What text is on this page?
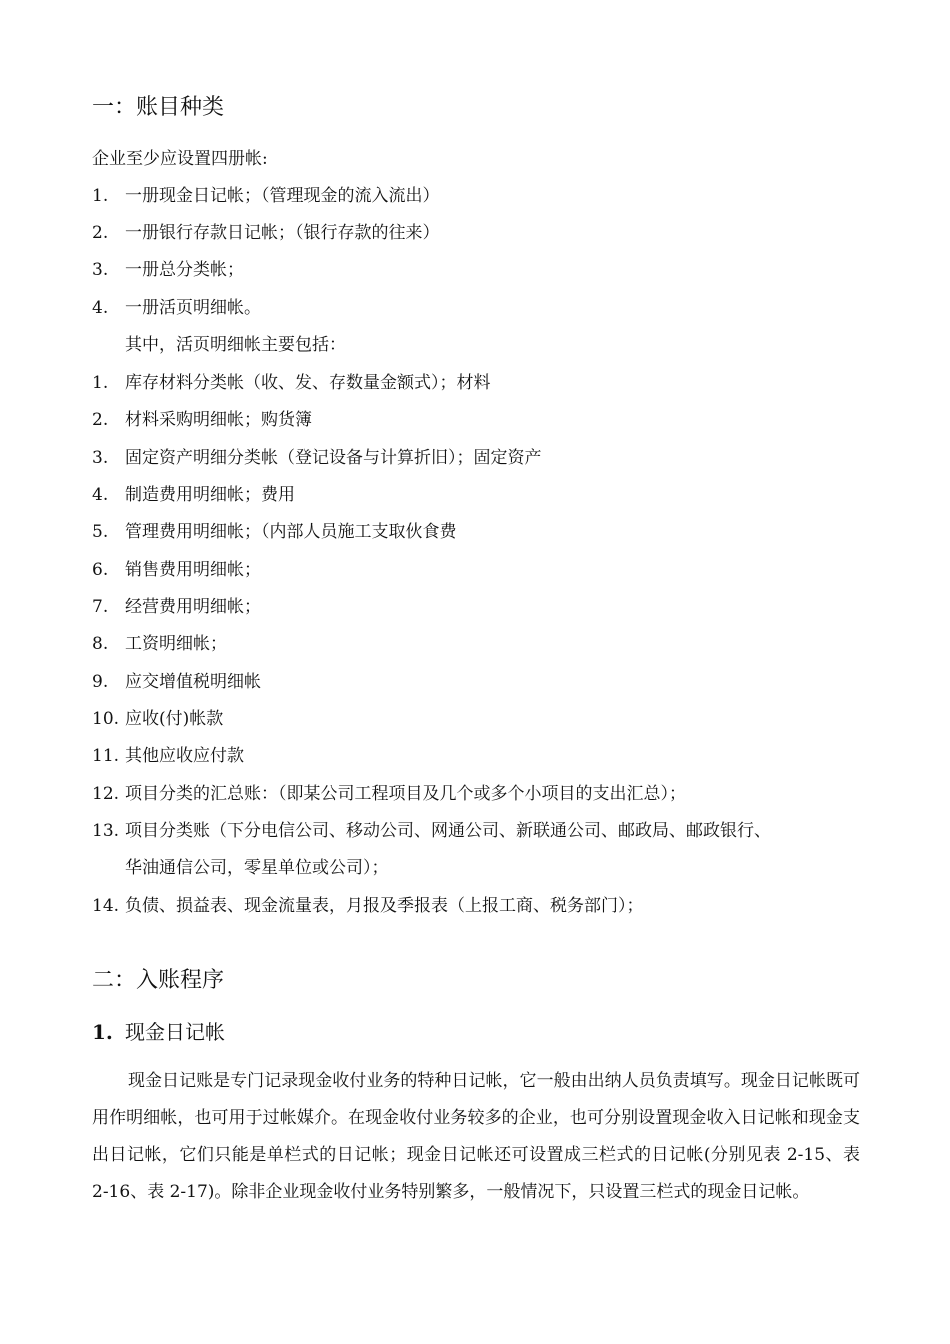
一：账目种类
企业至少应设置四册帐:
1. 一册现金日记帐；（管理现金的流入流出）
2. 一册银行存款日记帐；（银行存款的往来）
3. 一册总分类帐；
4. 一册活页明细帐。
其中，活页明细帐主要包括：
1. 库存材料分类帐（收、发、存数量金额式）；材料
2. 材料采购明细帐；购货簿
3. 固定资产明细分类帐（登记设备与计算折旧）；固定资产
4. 制造费用明细帐；费用
5. 管理费用明细帐；（内部人员施工支取伙食费
6. 销售费用明细帐；
7. 经营费用明细帐；
8. 工资明细帐；
9. 应交增值税明细帐
10. 应收(付)帐款
11. 其他应收应付款
12. 项目分类的汇总账：（即某公司工程项目及几个或多个小项目的支出汇总）；
13. 项目分类账（下分电信公司、移动公司、网通公司、新联通公司、邮政局、邮政银行、
华油通信公司，零星单位或公司）；
14. 负债、损益表、现金流量表，月报及季报表（上报工商、税务部门）；
二：入账程序
1. 现金日记帐
现金日记账是专门记录现金收付业务的特种日记帐，它一般由出纳人员负责填写。现金日记帐既可用作明细帐，也可用于过帐媒介。在现金收付业务较多的企业，也可分别设置现金收入日记帐和现金支出日记帐，它们只能是单栏式的日记帐；现金日记帐还可设置成三栏式的日记帐(分别见表 2-15、表 2-16、表 2-17)。除非企业现金收付业务特别繁多，一般情况下，只设置三栏式的现金日记帐。
